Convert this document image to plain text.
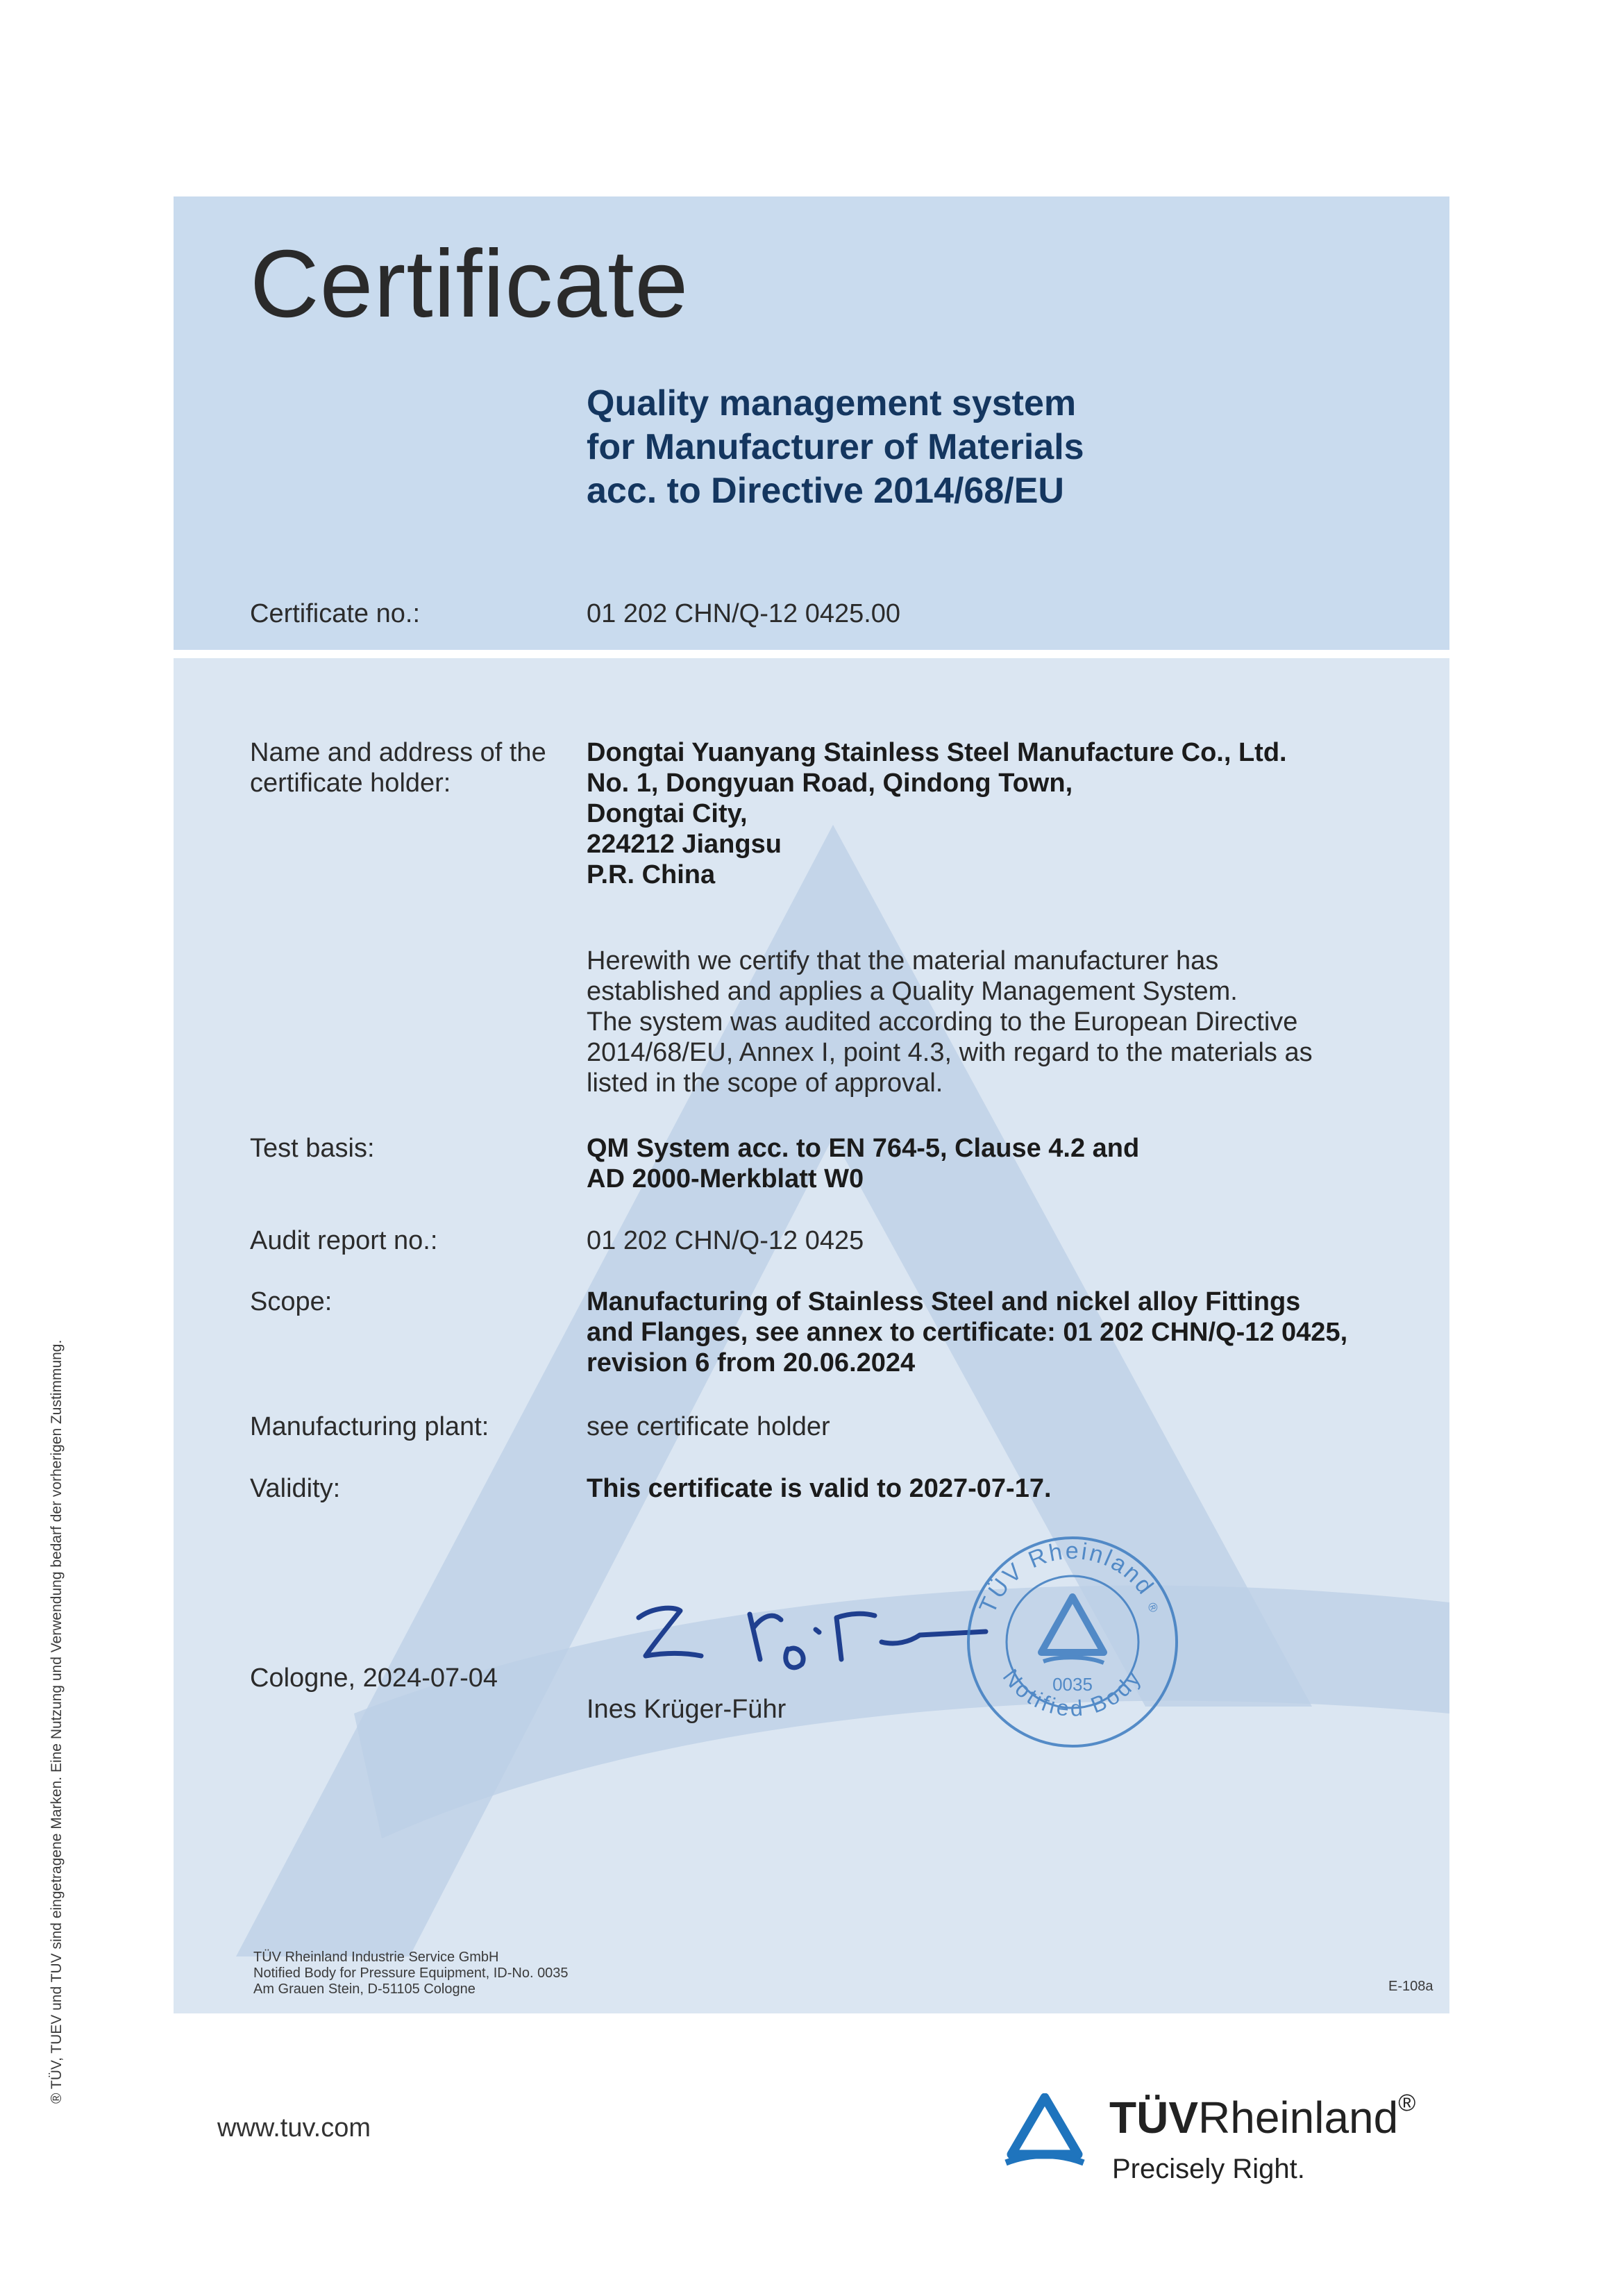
Certificate
Quality management system
for Manufacturer of Materials
acc. to Directive 2014/68/EU
Certificate no.:	01 202 CHN/Q-12 0425.00
Name and address of the
certificate holder:
Dongtai Yuanyang Stainless Steel Manufacture Co., Ltd.
No. 1, Dongyuan Road, Qindong Town,
Dongtai City,
224212 Jiangsu
P.R. China
Herewith we certify that the material manufacturer has
established and applies a Quality Management System.
The system was audited according to the European Directive
2014/68/EU, Annex I, point 4.3, with regard to the materials as
listed in the scope of approval.
Test basis:	QM System acc. to EN 764-5, Clause 4.2 and
AD 2000-Merkblatt W0
Audit report no.:	01 202 CHN/Q-12 0425
Scope:	Manufacturing of Stainless Steel and nickel alloy Fittings
and Flanges, see annex to certificate: 01 202 CHN/Q-12 0425,
revision 6 from 20.06.2024
Manufacturing plant:	see certificate holder
Validity:	This certificate is valid to 2027-07-17.
Cologne, 2024-07-04
Ines Krüger-Führ
TÜV Rheinland ®
Notified Body
0035
TÜV Rheinland Industrie Service GmbH
Notified Body for Pressure Equipment, ID-No. 0035
Am Grauen Stein, D-51105 Cologne	E-108a
® TÜV, TUEV und TUV sind eingetragene Marken. Eine Nutzung und Verwendung bedarf der vorherigen Zustimmung.
www.tuv.com	TÜVRheinland®
Precisely Right.
